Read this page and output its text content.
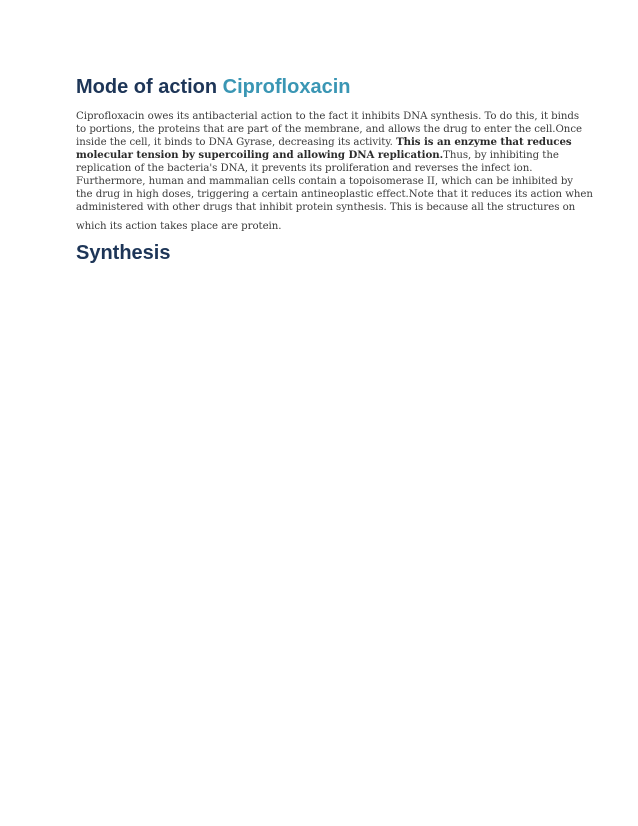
Mode of action Ciprofloxacin

Ciprofloxacin owes its antibacterial action to the fact it inhibits DNA synthesis. To do this, it binds
to portions, the proteins that are part of the membrane, and allows the drug to enter the cell.Once
inside the cell, it binds to DNA Gyrase, decreasing its activity. This is an enzyme that reduces
molecular tension by supercoiling and allowing DNA replication.Thus, by inhibiting the
replication of the bacteria's DNA, it prevents its proliferation and reverses the infect ion.
Furthermore, human and mammalian cells contain a topoisomerase II, which can be inhibited by
the drug in high doses, triggering a certain antineoplastic effect.Note that it reduces its action when
administered with other drugs that inhibit protein synthesis. This is because all the structures on
which its action takes place are protein.

Synthesis
